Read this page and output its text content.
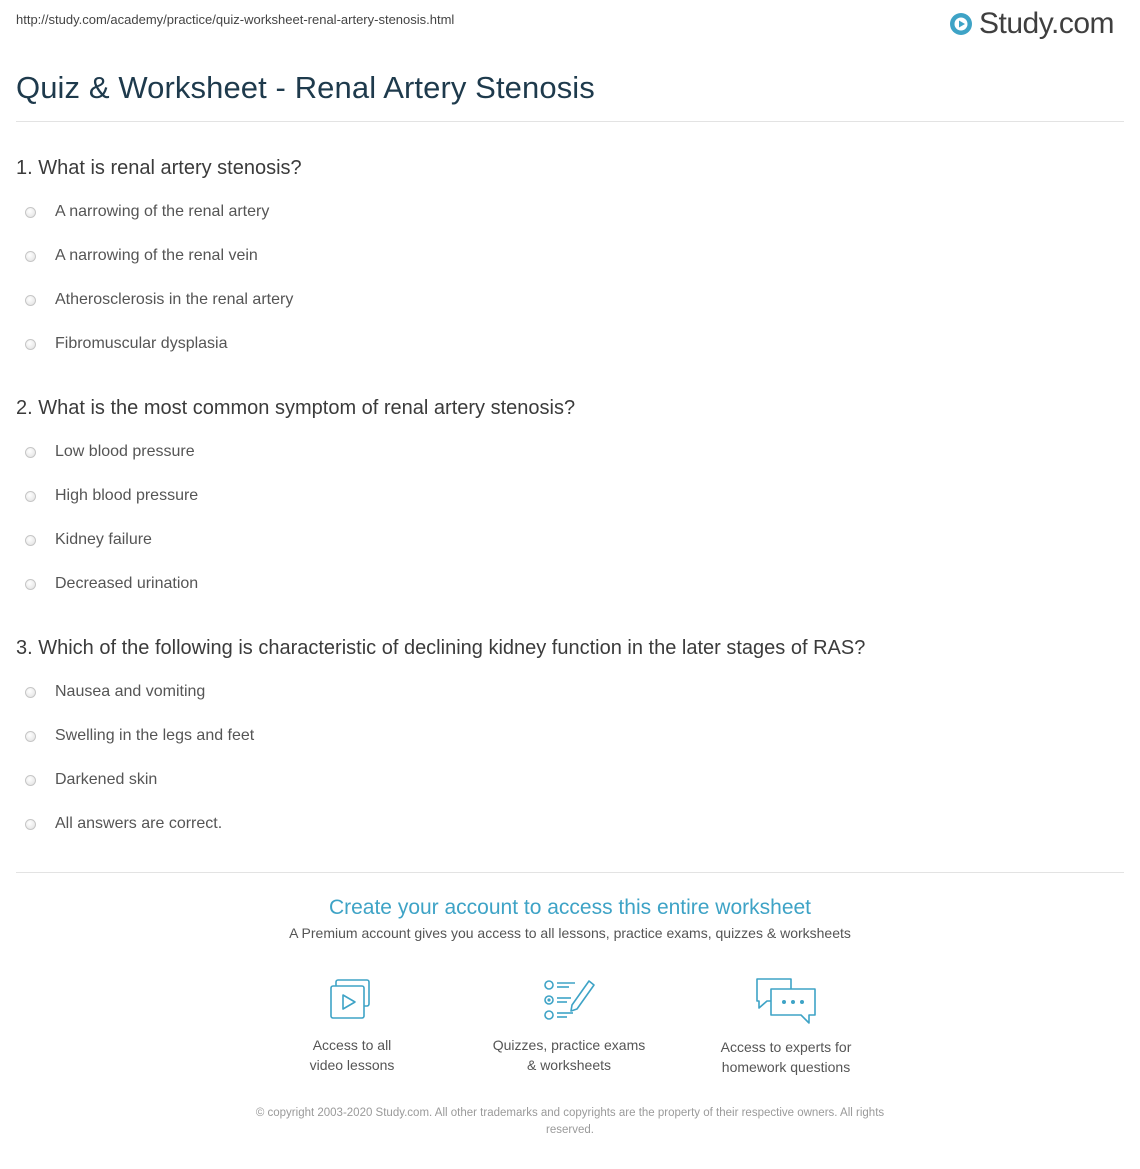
http://study.com/academy/practice/quiz-worksheet-renal-artery-stenosis.html	Study.com
Quiz & Worksheet - Renal Artery Stenosis
1. What is renal artery stenosis?
A narrowing of the renal artery
A narrowing of the renal vein
Atherosclerosis in the renal artery
Fibromuscular dysplasia
2. What is the most common symptom of renal artery stenosis?
Low blood pressure
High blood pressure
Kidney failure
Decreased urination
3. Which of the following is characteristic of declining kidney function in the later stages of RAS?
Nausea and vomiting
Swelling in the legs and feet
Darkened skin
All answers are correct.

Create your account to access this entire worksheet

A Premium account gives you access to all lessons, practice exams, quizzes & worksheets
Access to all
video lessons
Quizzes, practice exams
& worksheets
Access to experts for
homework questions
© copyright 2003-2020 Study.com. All other trademarks and copyrights are the property of their respective owners. All rights
reserved.
